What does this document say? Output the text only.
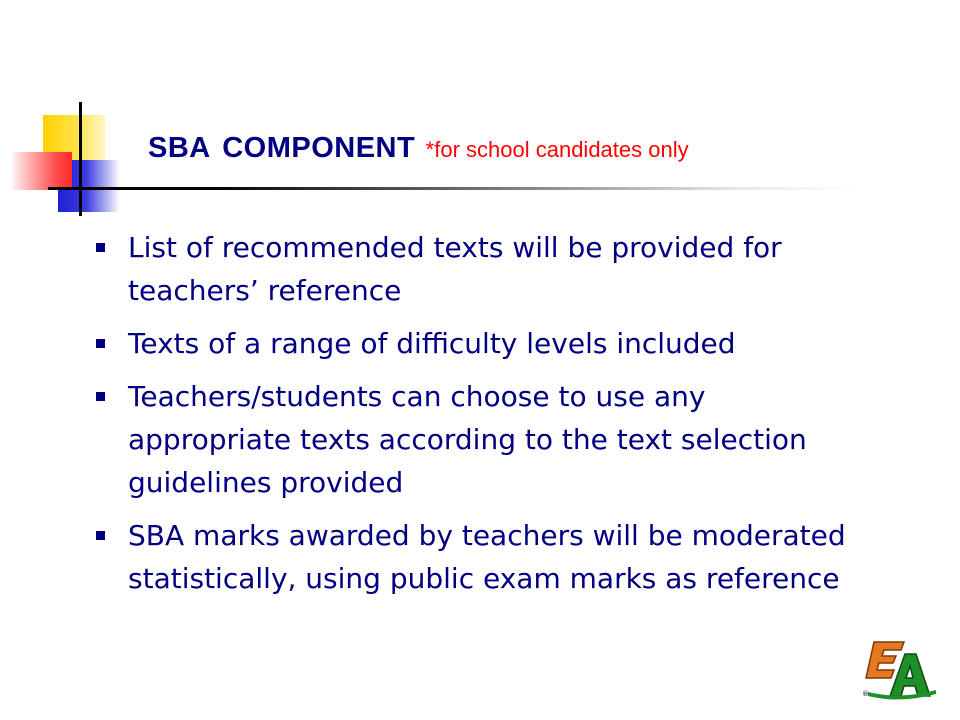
SBA COMPONENT *for school candidates only
List of recommended texts will be provided for teachers’ reference
Texts of a range of difficulty levels included
Teachers/students can choose to use any appropriate texts according to the text selection guidelines provided
SBA marks awarded by teachers will be moderated statistically, using public exam marks as reference
®
